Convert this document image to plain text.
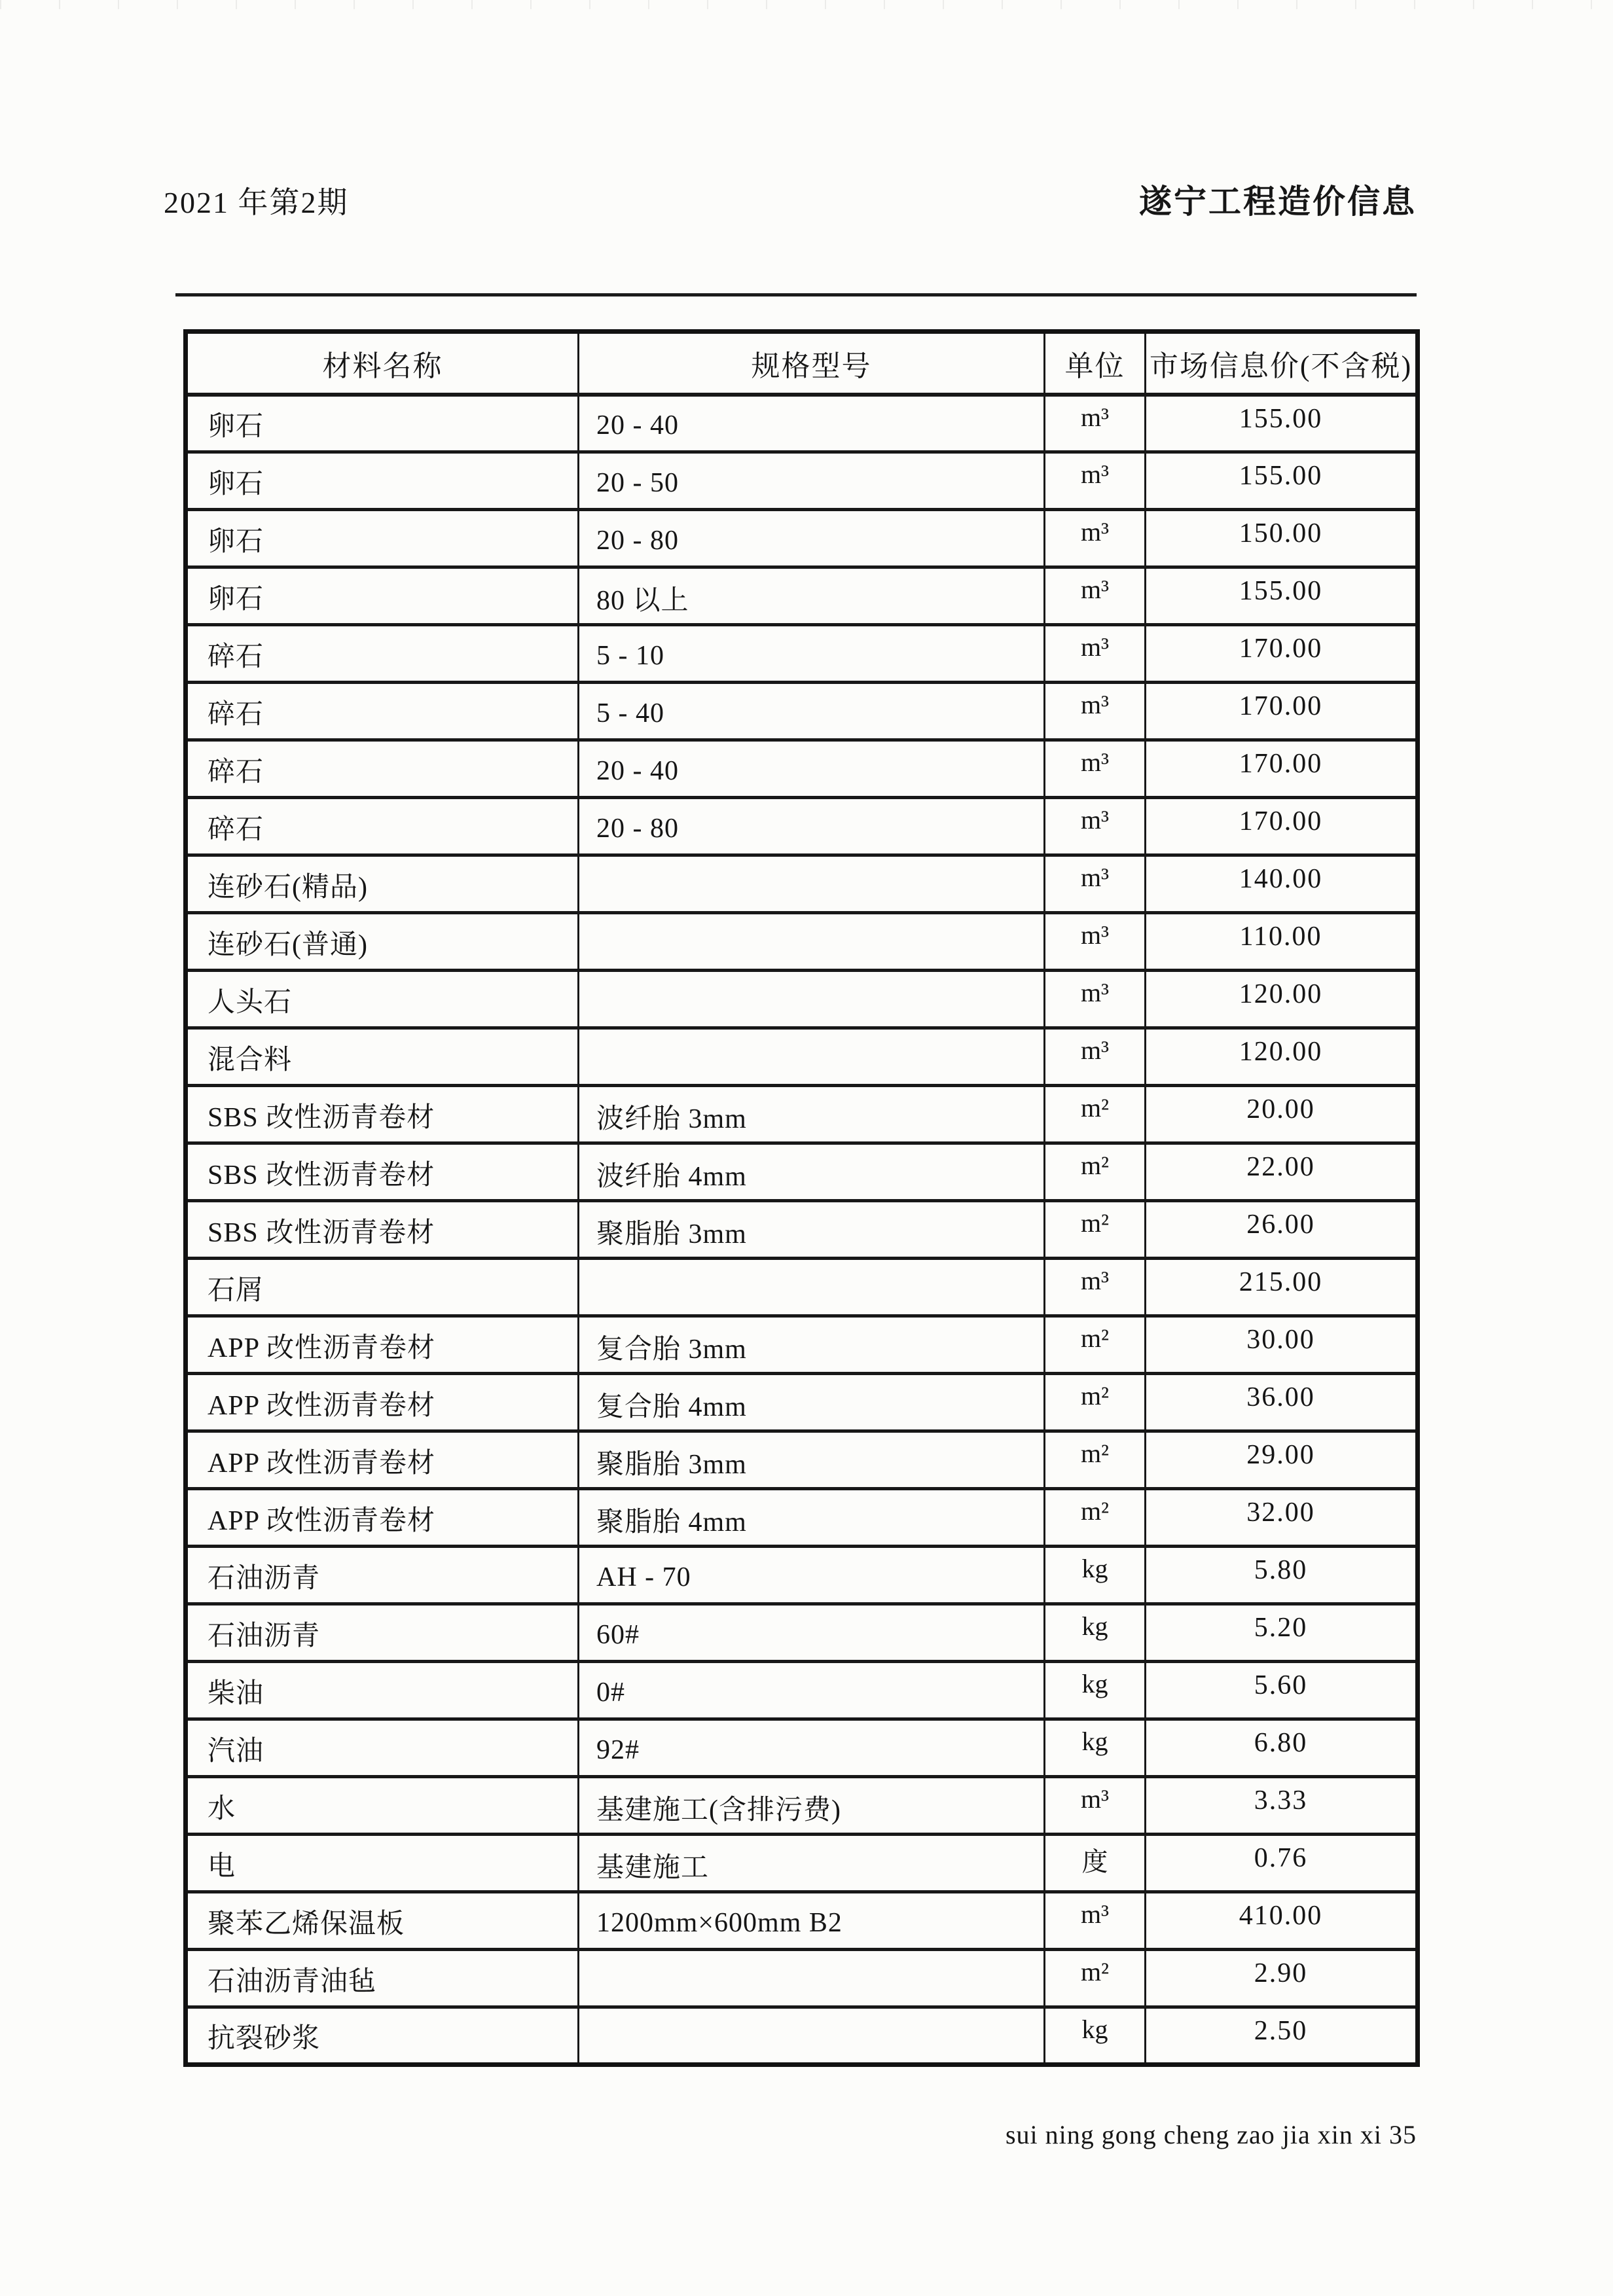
2021 年第2期	遂宁工程造价信息
材料名称	规格型号	单位	市场信息价(不含税)
卵石	20 - 40	m³	155.00
卵石	20 - 50	m³	155.00
卵石	20 - 80	m³	150.00
卵石	80 以上	m³	155.00
碎石	5 - 10	m³	170.00
碎石	5 - 40	m³	170.00
碎石	20 - 40	m³	170.00
碎石	20 - 80	m³	170.00
连砂石(精品)		m³	140.00
连砂石(普通)		m³	110.00
人头石		m³	120.00
混合料		m³	120.00
SBS 改性沥青卷材	波纤胎 3mm	m²	20.00
SBS 改性沥青卷材	波纤胎 4mm	m²	22.00
SBS 改性沥青卷材	聚脂胎 3mm	m²	26.00
石屑		m³	215.00
APP 改性沥青卷材	复合胎 3mm	m²	30.00
APP 改性沥青卷材	复合胎 4mm	m²	36.00
APP 改性沥青卷材	聚脂胎 3mm	m²	29.00
APP 改性沥青卷材	聚脂胎 4mm	m²	32.00
石油沥青	AH - 70	kg	5.80
石油沥青	60#	kg	5.20
柴油	0#	kg	5.60
汽油	92#	kg	6.80
水	基建施工(含排污费)	m³	3.33
电	基建施工	度	0.76
聚苯乙烯保温板	1200mm×600mm B2	m³	410.00
石油沥青油毡		m²	2.90
抗裂砂浆		kg	2.50
sui ning gong cheng zao jia xin xi 35
